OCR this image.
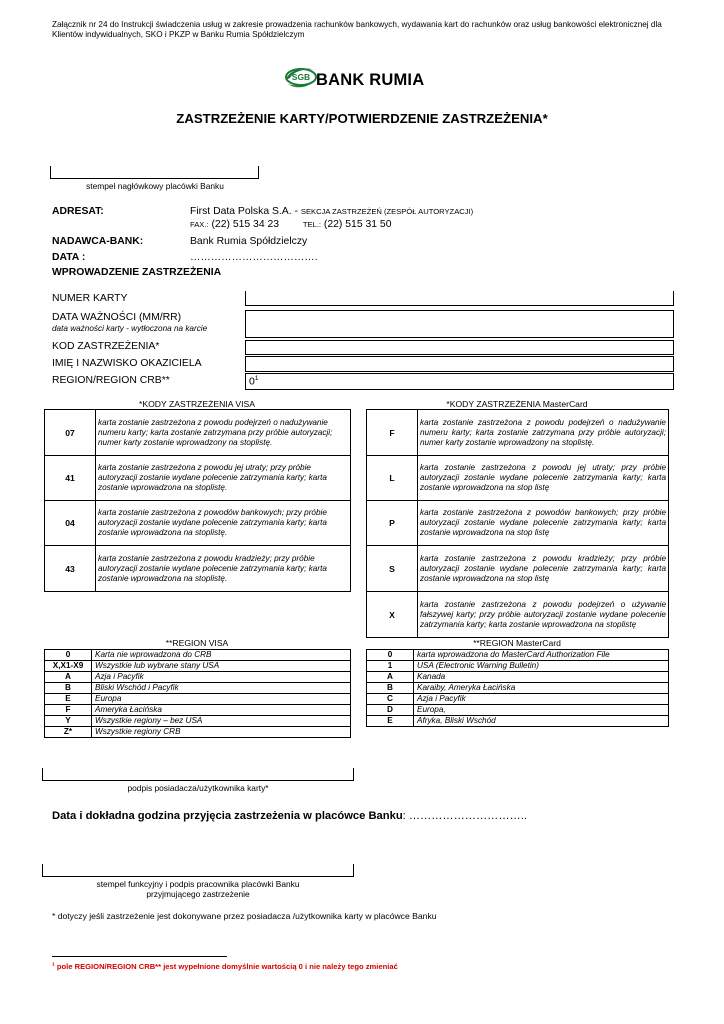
Załącznik nr 24 do Instrukcji świadczenia usług w zakresie prowadzenia rachunków bankowych, wydawania kart do rachunków oraz usług bankowości elektronicznej dla Klientów indywidualnych, SKO i PKZP w Banku Rumia Spółdzielczym
SGB BANK RUMIA
ZASTRZEŻENIE KARTY/POTWIERDZENIE ZASTRZEŻENIA*
stempel nagłówkowy placówki Banku
ADRESAT:	First Data Polska S.A. - SEKCJA ZASTRZEŻEŃ (ZESPÓŁ AUTORYZACJI)
FAX.: (22) 515 34 23	TEL.: (22) 515 31 50
NADAWCA-BANK:	Bank Rumia Spółdzielczy
DATA :	……………………………….
WPROWADZENIE ZASTRZEŻENIA
NUMER KARTY
DATA WAŻNOŚCI (MM/RR)
data ważności karty - wytłoczona na karcie
KOD ZASTRZEŻENIA*
IMIĘ I NAZWISKO OKAZICIELA
REGION/REGION CRB**	$0^1$
*KODY ZASTRZEŻENIA VISA	*KODY ZASTRZEŻENIA MasterCard
07	karta zostanie zastrzeżona z powodu podejrzeń o nadużywanie numeru karty; karta zostanie zatrzymana przy próbie autoryzacji; numer karty zostanie wprowadzony na stoplistę.
41	karta zostanie zastrzeżona z powodu jej utraty; przy próbie autoryzacji zostanie wydane polecenie zatrzymania karty; karta zostanie wprowadzona na stoplistę.
04	karta zostanie zastrzeżona z powodów bankowych; przy próbie autoryzacji zostanie wydane polecenie zatrzymania karty; karta zostanie wprowadzona na stoplistę.
43	karta zostanie zastrzeżona z powodu kradzieży; przy próbie autoryzacji zostanie wydane polecenie zatrzymania karty; karta zostanie wprowadzona na stoplistę.
F	karta zostanie zastrzeżona z powodu podejrzeń o nadużywanie numeru karty; karta zostanie zatrzymana przy próbie autoryzacji; numer karty zostanie wprowadzony na stoplistę.
L	karta zostanie zastrzeżona z powodu jej utraty; przy próbie autoryzacji zostanie wydane polecenie zatrzymania karty; karta zostanie wprowadzona na stop listę
P	karta zostanie zastrzeżona z powodów bankowych; przy próbie autoryzacji zostanie wydane polecenie zatrzymania karty; karta zostanie wprowadzona na stop listę
S	karta zostanie zastrzeżona z powodu kradzieży; przy próbie autoryzacji zostanie wydane polecenie zatrzymania karty; karta zostanie wprowadzona na stop listę
X	karta zostanie zastrzeżona z powodu podejrzeń o używanie fałszywej karty; przy próbie autoryzacji zostanie wydane polecenie zatrzymania karty; karta zostanie wprowadzona na stoplistę
**REGION VISA	**REGION MasterCard
0	Karta nie wprowadzona do CRB
X,X1-X9	Wszystkie lub wybrane stany USA
A	Azja i Pacyfik
B	Bliski Wschód i Pacyfik
E	Europa
F	Ameryka Łacińska
Y	Wszystkie regiony – bez USA
Z*	Wszystkie regiony CRB
0	karta wprowadzona do MasterCard Authorization File
1	USA (Electronic Warning Bulletin)
A	Kanada
B	Karaiby, Ameryka Łacińska
C	Azja i Pacyfik
D	Europa,
E	Afryka, Bliski Wschód
podpis posiadacza/użytkownika karty*
Data i dokładna godzina przyjęcia zastrzeżenia w placówce Banku: …………………………..
stempel funkcyjny i podpis pracownika placówki Banku
przyjmującego zastrzeżenie
* dotyczy jeśli zastrzeżenie jest dokonywane przez posiadacza /użytkownika karty w placówce Banku
$^1$ pole REGION/REGION CRB** jest wypełnione domyślnie wartością 0 i nie należy tego zmieniać
